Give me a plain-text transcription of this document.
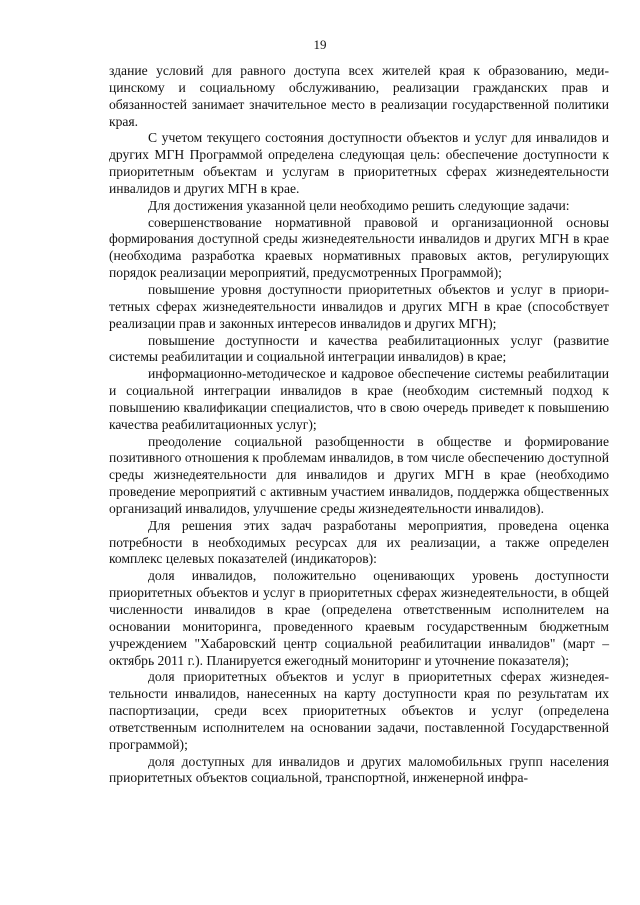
19

здание условий для равного доступа всех жителей края к образованию, медицинскому и социальному обслуживанию, реализации гражданских прав и обязанностей занимает значительное место в реализации государственной политики края.

С учетом текущего состояния доступности объектов и услуг для инвалидов и других МГН Программой определена следующая цель: обеспечение доступности к приоритетным объектам и услугам в приоритетных сферах жизнедеятельности инвалидов и других МГН в крае.

Для достижения указанной цели необходимо решить следующие задачи:

совершенствование нормативной правовой и организационной основы формирования доступной среды жизнедеятельности инвалидов и других МГН в крае (необходима разработка краевых нормативных правовых актов, регулирующих порядок реализации мероприятий, предусмотренных Программой);

повышение уровня доступности приоритетных объектов и услуг в приоритетных сферах жизнедеятельности инвалидов и других МГН в крае (способствует реализации прав и законных интересов инвалидов и других МГН);

повышение доступности и качества реабилитационных услуг (развитие системы реабилитации и социальной интеграции инвалидов) в крае;

информационно-методическое и кадровое обеспечение системы реабилитации и социальной интеграции инвалидов в крае (необходим системный подход к повышению квалификации специалистов, что в свою очередь приведет к повышению качества реабилитационных услуг);

преодоление социальной разобщенности в обществе и формирование позитивного отношения к проблемам инвалидов, в том числе обеспечению доступной среды жизнедеятельности для инвалидов и других МГН в крае (необходимо проведение мероприятий с активным участием инвалидов, поддержка общественных организаций инвалидов, улучшение среды жизнедеятельности инвалидов).

Для решения этих задач разработаны мероприятия, проведена оценка потребности в необходимых ресурсах для их реализации, а также определен комплекс целевых показателей (индикаторов):

доля инвалидов, положительно оценивающих уровень доступности приоритетных объектов и услуг в приоритетных сферах жизнедеятельности, в общей численности инвалидов в крае (определена ответственным исполнителем на основании мониторинга, проведенного краевым государственным бюджетным учреждением "Хабаровский центр социальной реабилитации инвалидов" (март – октябрь 2011 г.). Планируется ежегодный мониторинг и уточнение показателя);

доля приоритетных объектов и услуг в приоритетных сферах жизнедеятельности инвалидов, нанесенных на карту доступности края по результатам их паспортизации, среди всех приоритетных объектов и услуг (определена ответственным исполнителем на основании задачи, поставленной Государственной программой);

доля доступных для инвалидов и других маломобильных групп населения приоритетных объектов социальной, транспортной, инженерной инфра-
